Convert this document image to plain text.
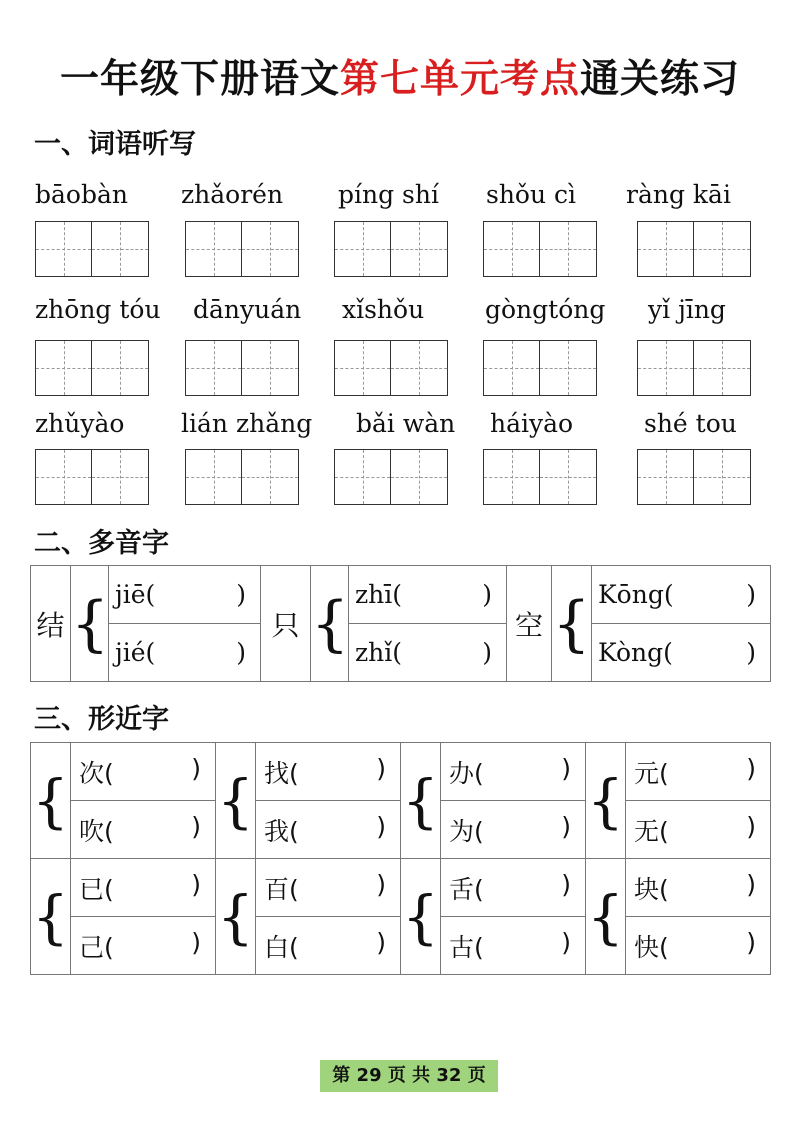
一年级下册语文第七单元考点通关练习
一、词语听写
bāobàn zhǎorén píng shí shǒu cì ràng kāi
zhōng tóu dānyuán xǐshǒu gòngtóng yǐ jīng
zhǔyào lián zhǎng bǎi wàn háiyào	shé tou
二、多音字
结	{	jiē( )	只	{	zhī( )	空	{	Kōng( )

		jié( )			zhǐ( )			Kòng( )
三、形近字
{	次( )	{	找( )	{	办( )	{	元( )

	吹( )		我( )		为( )		无( )

{	已( )	{	百( )	{	舌( )	{	块( )

	己( )		白( )		古( )		快( )
第 29 页 共 32 页
